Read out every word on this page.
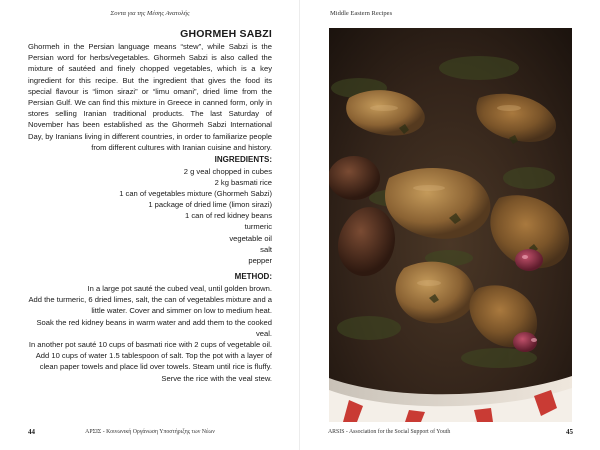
Σοντα για της Μέσης Ανατολής
GHORMEH SABZI

Ghormeh in the Persian language means “stew”, while Sabzi is the Persian word for herbs/vegetables. Ghormeh Sabzi is also called the mixture of sautéed and finely chopped vegetables, which is a key ingredient for this recipe. But the ingredient that gives the food its special flavour is “limon sirazi” or “limu omani”, dried lime from the Persian Gulf. We can find this mixture in Greece in canned form, only in stores selling Iranian traditional products. The last Saturday of November has been established as the Ghormeh Sabzi International Day, by Iranians living in different countries, in order to familiarize people from different cultures with Iranian cuisine and history.

INGREDIENTS:
2 g veal chopped in cubes
2 kg basmati rice
1 can of vegetables mixture (Ghormeh Sabzi)
1 package of dried lime (limon sirazi)
1 can of red kidney beans
turmeric
vegetable oil
salt
pepper
METHOD:
In a large pot sauté the cubed veal, until golden brown.
Add the turmeric, 6 dried limes, salt, the can of vegetables mixture and a little water. Cover and simmer on low to medium heat.
Soak the red kidney beans in warm water and add them to the cooked veal.
In another pot sauté 10 cups of basmati rice with 2 cups of vegetable oil. Add 10 cups of water 1.5 tablespoon of salt. Top the pot with a layer of clean paper towels and place lid over towels. Steam until rice is fluffy.
Serve the rice with the veal stew.
44	ΑΡΣΙΣ - Κοινωνική Οργάνωση Υποστήριξης των Νέων
Middle Eastern Recipes
ARSIS - Association for the Social Support of Youth	45
